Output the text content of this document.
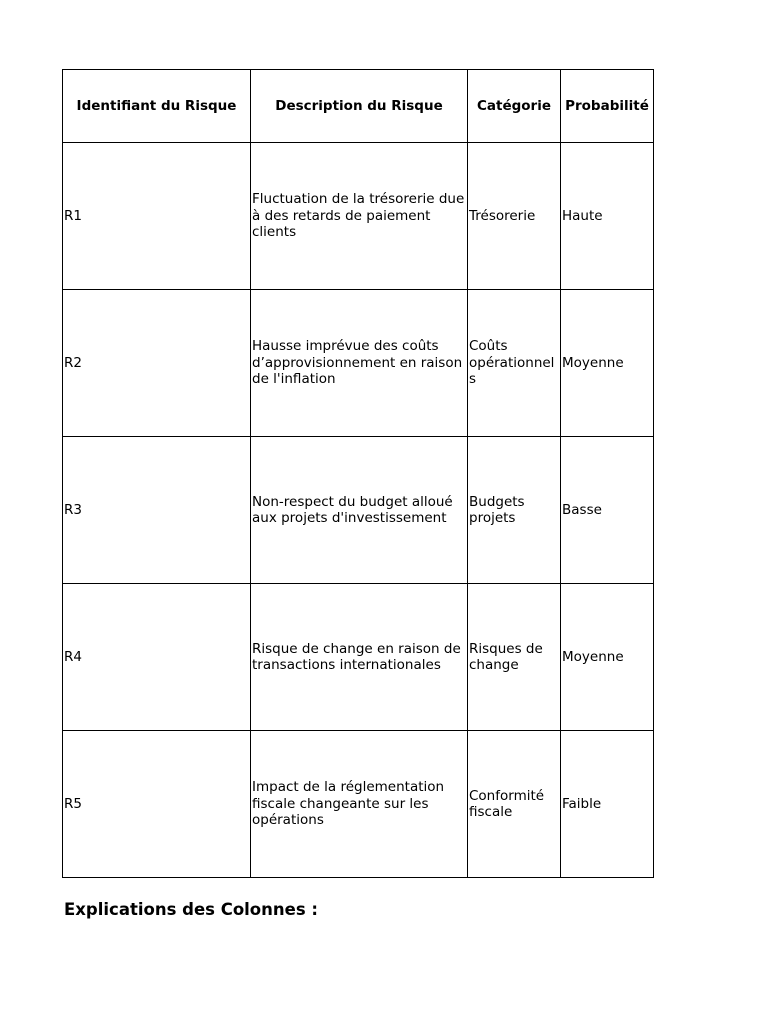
Identifiant du Risque	Description du Risque	Catégorie	Probabilité
R1	Fluctuation de la trésorerie due à des retards de paiement clients	Trésorerie	Haute
R2	Hausse imprévue des coûts d’approvisionnement en raison de l'inflation	Coûts opérationnels	Moyenne
R3	Non-respect du budget alloué aux projets d'investissement	Budgets projets	Basse
R4	Risque de change en raison de transactions internationales	Risques de change	Moyenne
R5	Impact de la réglementation fiscale changeante sur les opérations	Conformité fiscale	Faible
Explications des Colonnes :
